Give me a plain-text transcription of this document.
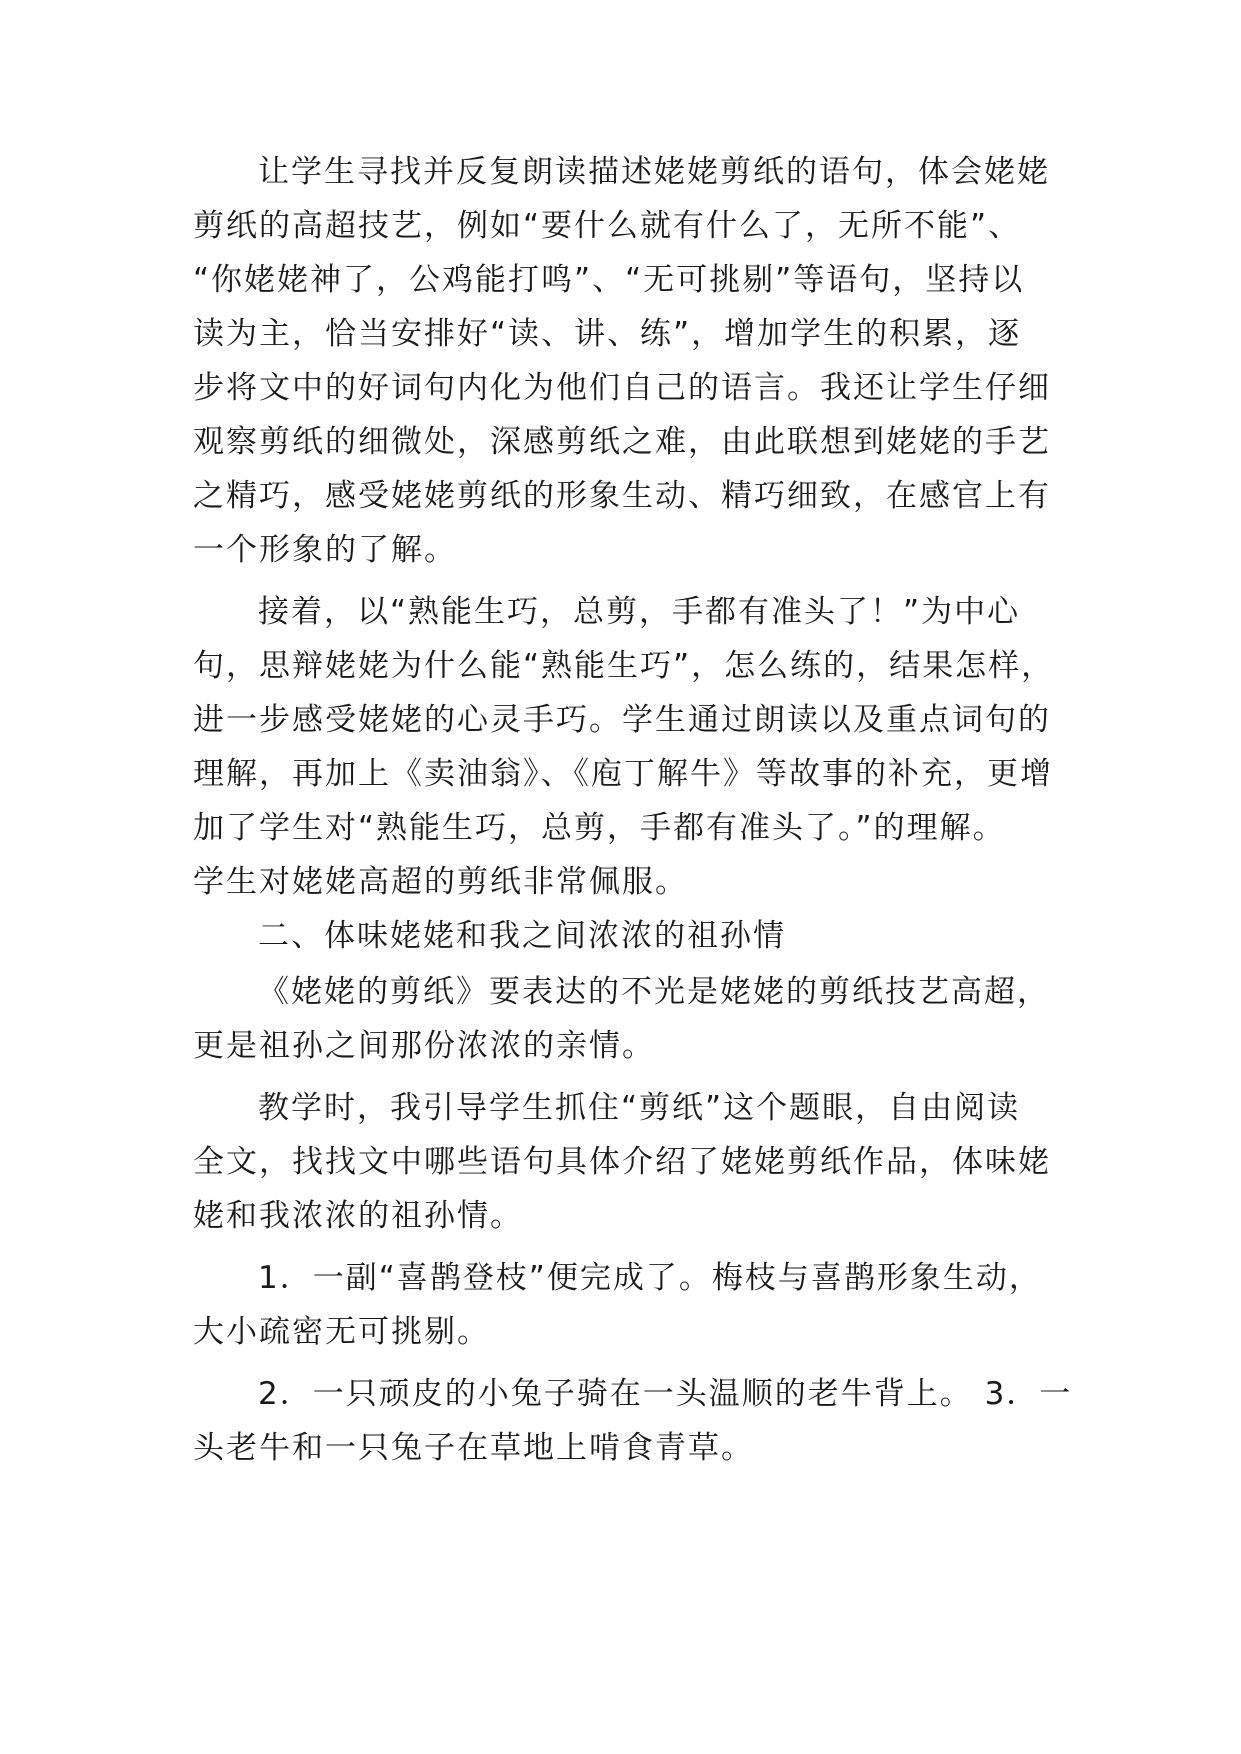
让学生寻找并反复朗读描述姥姥剪纸的语句，体会姥姥
剪纸的高超技艺，例如“要什么就有什么了，无所不能”、
“你姥姥神了，公鸡能打鸣”、“无可挑剔”等语句，坚持以
读为主，恰当安排好“读、讲、练”，增加学生的积累，逐
步将文中的好词句内化为他们自己的语言。我还让学生仔细
观察剪纸的细微处，深感剪纸之难，由此联想到姥姥的手艺
之精巧，感受姥姥剪纸的形象生动、精巧细致，在感官上有
一个形象的了解。
接着，以“熟能生巧，总剪，手都有准头了！”为中心
句，思辩姥姥为什么能“熟能生巧”，怎么练的，结果怎样，
进一步感受姥姥的心灵手巧。学生通过朗读以及重点词句的
理解，再加上《卖油翁》、《庖丁解牛》等故事的补充，更增
加了学生对“熟能生巧，总剪，手都有准头了。”的理解。
学生对姥姥高超的剪纸非常佩服。
二、体味姥姥和我之间浓浓的祖孙情
《姥姥的剪纸》要表达的不光是姥姥的剪纸技艺高超，
更是祖孙之间那份浓浓的亲情。
教学时，我引导学生抓住“剪纸”这个题眼，自由阅读
全文，找找文中哪些语句具体介绍了姥姥剪纸作品，体味姥
姥和我浓浓的祖孙情。
1．一副“喜鹊登枝”便完成了。梅枝与喜鹊形象生动，
大小疏密无可挑剔。
2．一只顽皮的小兔子骑在一头温顺的老牛背上。 3．一
头老牛和一只兔子在草地上啃食青草。
